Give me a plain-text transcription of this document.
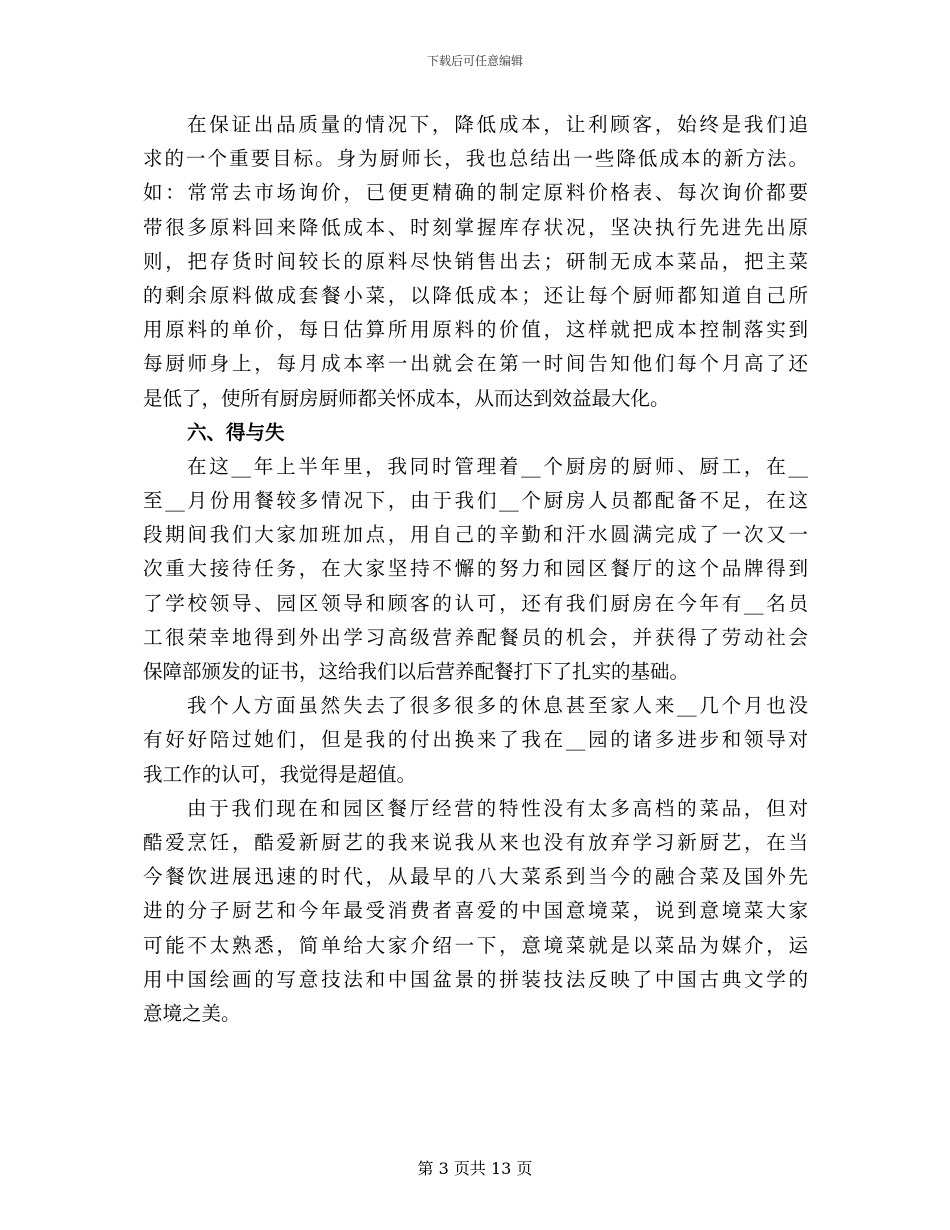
下载后可任意编辑
在保证出品质量的情况下，降低成本，让利顾客，始终是我们追
求的一个重要目标。身为厨师长，我也总结出一些降低成本的新方法。
如：常常去市场询价，已便更精确的制定原料价格表、每次询价都要
带很多原料回来降低成本、时刻掌握库存状况，坚决执行先进先出原
则，把存货时间较长的原料尽快销售出去；研制无成本菜品，把主菜
的剩余原料做成套餐小菜，以降低成本；还让每个厨师都知道自己所
用原料的单价，每日估算所用原料的价值，这样就把成本控制落实到
每厨师身上，每月成本率一出就会在第一时间告知他们每个月高了还
是低了，使所有厨房厨师都关怀成本，从而达到效益最大化。
六、得与失
在这__年上半年里，我同时管理着__个厨房的厨师、厨工，在__
至__月份用餐较多情况下，由于我们__个厨房人员都配备不足，在这
段期间我们大家加班加点，用自己的辛勤和汗水圆满完成了一次又一
次重大接待任务，在大家坚持不懈的努力和园区餐厅的这个品牌得到
了学校领导、园区领导和顾客的认可，还有我们厨房在今年有__名员
工很荣幸地得到外出学习高级营养配餐员的机会，并获得了劳动社会
保障部颁发的证书，这给我们以后营养配餐打下了扎实的基础。
我个人方面虽然失去了很多很多的休息甚至家人来__几个月也没
有好好陪过她们，但是我的付出换来了我在__园的诸多进步和领导对
我工作的认可，我觉得是超值。
由于我们现在和园区餐厅经营的特性没有太多高档的菜品，但对
酷爱烹饪，酷爱新厨艺的我来说我从来也没有放弃学习新厨艺，在当
今餐饮进展迅速的时代，从最早的八大菜系到当今的融合菜及国外先
进的分子厨艺和今年最受消费者喜爱的中国意境菜，说到意境菜大家
可能不太熟悉，简单给大家介绍一下，意境菜就是以菜品为媒介，运
用中国绘画的写意技法和中国盆景的拼装技法反映了中国古典文学的
意境之美。
第 3 页共 13 页
